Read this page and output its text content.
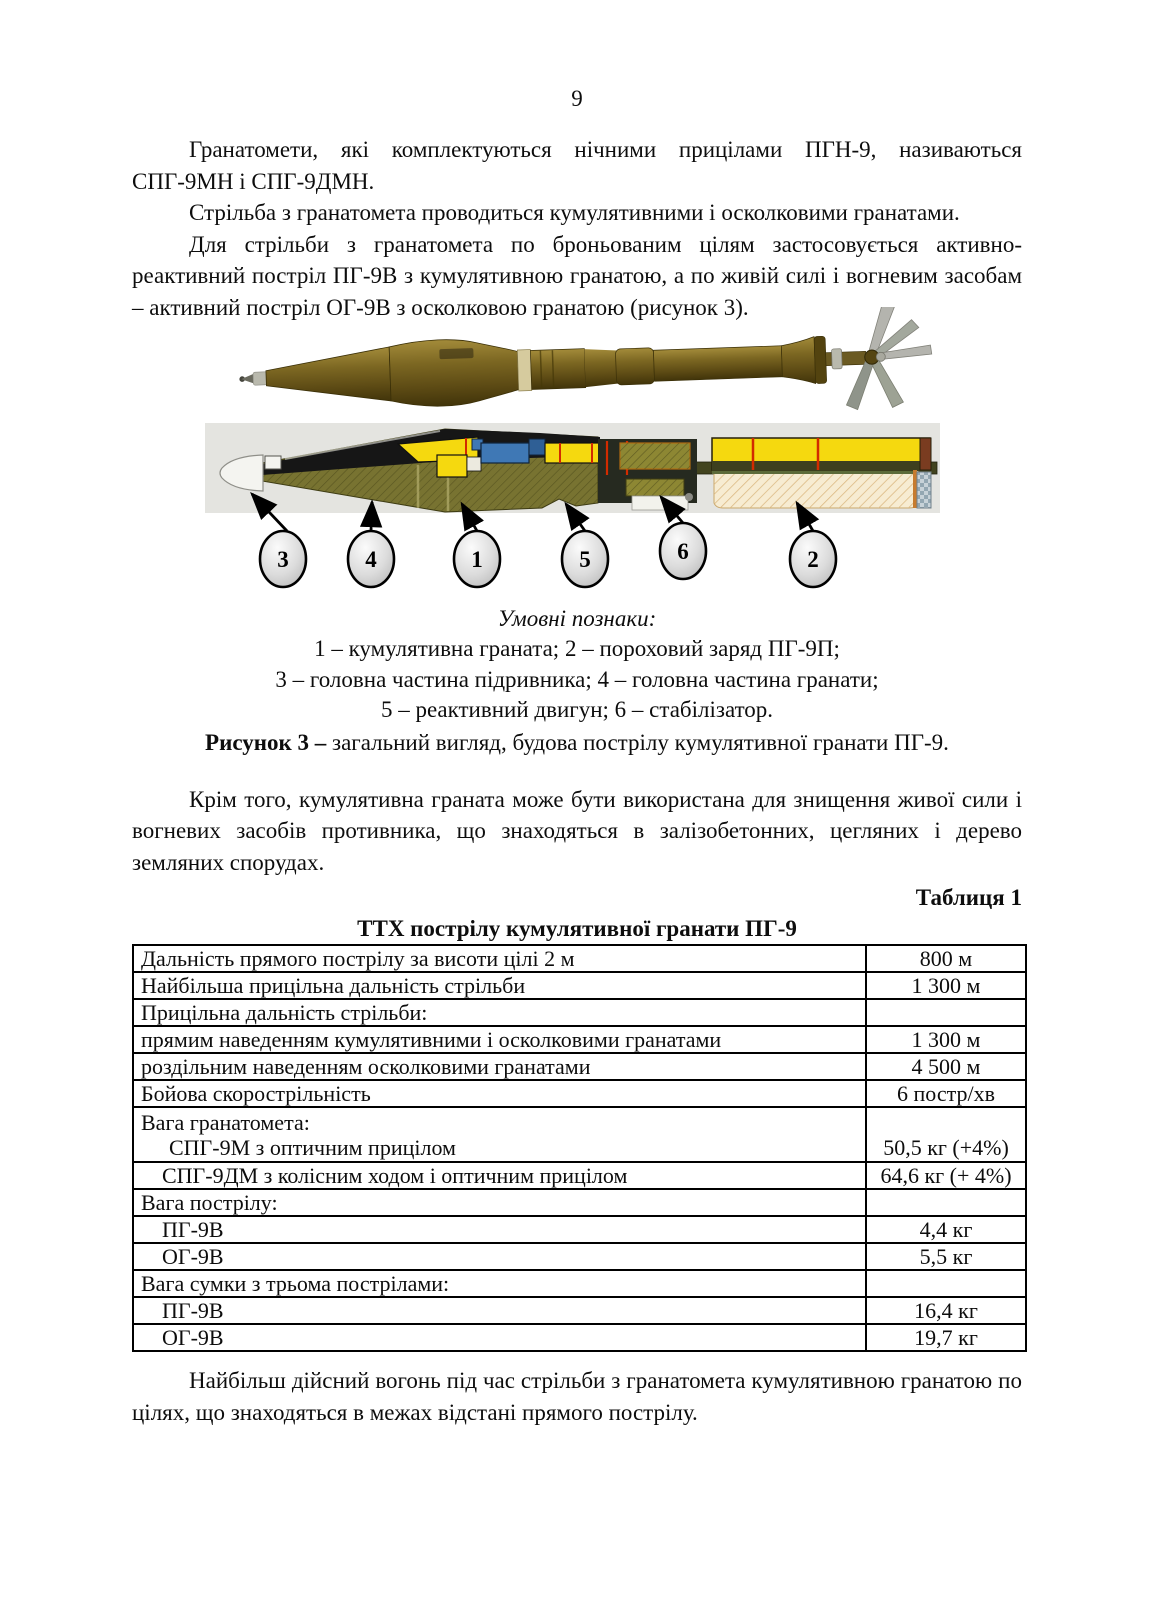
9

Гранатомети, які комплектуються нічними прицілами ПГН-9, називаються СПГ-9МН і СПГ-9ДМН.

Стрільба з гранатомета проводиться кумулятивними і осколковими гранатами.

Для стрільби з гранатомета по броньованим цілям застосовується активно-реактивний постріл ПГ-9В з кумулятивною гранатою, а по живій силі і вогневим засобам – активний постріл ОГ-9В з осколковою гранатою (рисунок 3).

3	4	1	5	6	2
Умовні познаки:
1 – кумулятивна граната; 2 – пороховий заряд ПГ-9П;
3 – головна частина підривника; 4 – головна частина гранати;
5 – реактивний двигун; 6 – стабілізатор.
Рисунок 3 – загальний вигляд, будова пострілу кумулятивної гранати ПГ-9.

Крім того, кумулятивна граната може бути використана для знищення живої сили і вогневих засобів противника, що знаходяться в залізобетонних, цегляних і дерево земляних спорудах.

Таблиця 1
ТТХ пострілу кумулятивної гранати ПГ-9
Дальність прямого пострілу за висоти цілі 2 м	800 м
Найбільша прицільна дальність стрільби	1 300 м
Прицільна дальність стрільби:	
прямим наведенням кумулятивними і осколковими гранатами	1 300 м
роздільним наведенням осколковими гранатами	4 500 м
Бойова скорострільність	6 постр/хв

Вага гранатомета:
СПГ-9М з оптичним прицілом	50,5 кг (+4%)
СПГ-9ДМ з колісним ходом і оптичним прицілом	64,6 кг (+ 4%)
Вага пострілу:	
ПГ-9В	4,4 кг
ОГ-9В	5,5 кг
Вага сумки з трьома пострілами:	
ПГ-9В	16,4 кг
ОГ-9В	19,7 кг

Найбільш дійсний вогонь під час стрільби з гранатомета кумулятивною гранатою по цілях, що знаходяться в межах відстані прямого пострілу.
